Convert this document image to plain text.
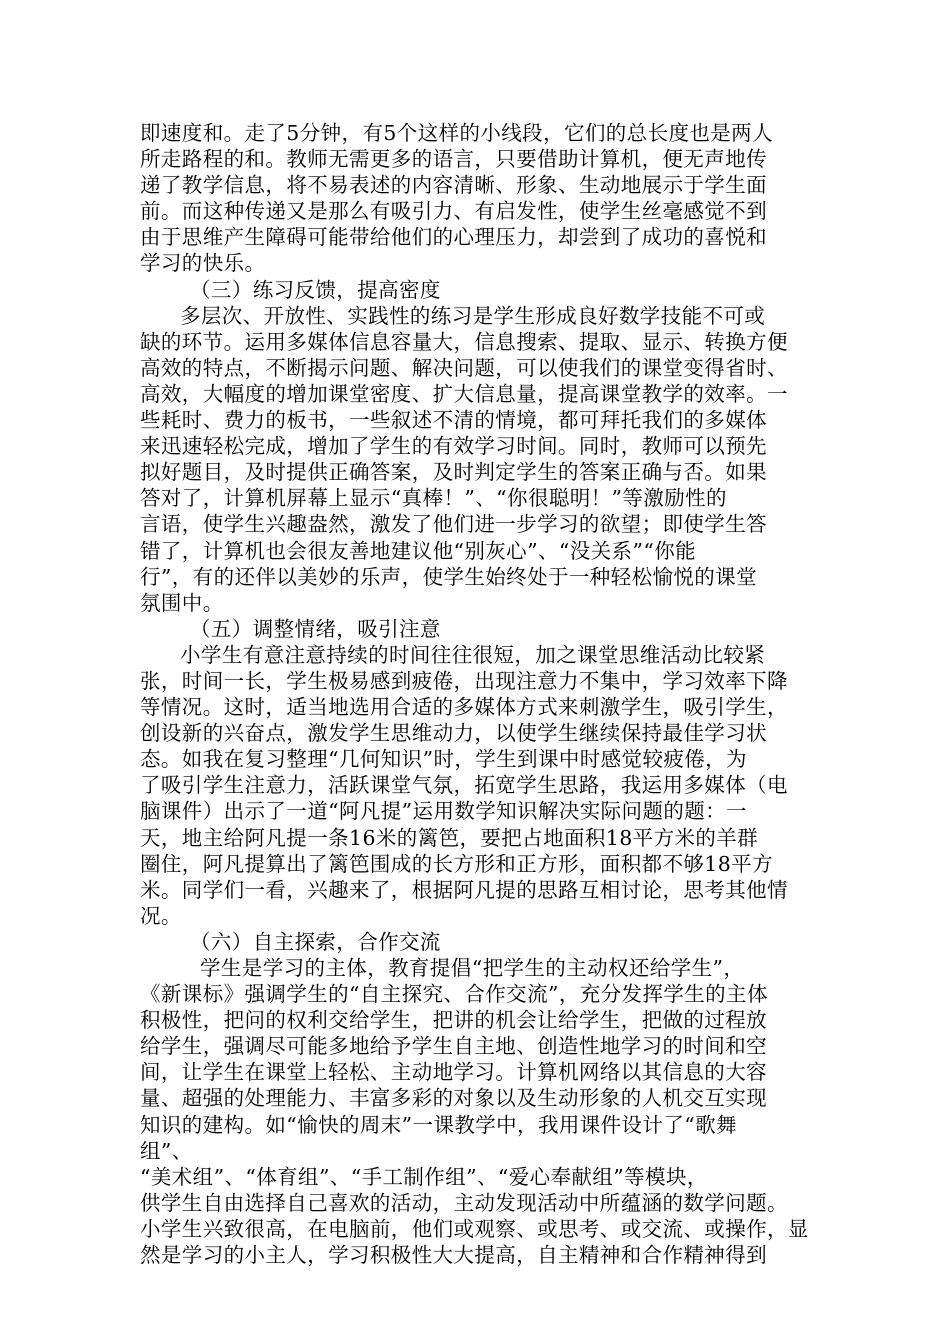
即速度和。走了5分钟，有5个这样的小线段，它们的总长度也是两人
所走路程的和。教师无需更多的语言，只要借助计算机，便无声地传
递了教学信息，将不易表述的内容清晰、形象、生动地展示于学生面
前。而这种传递又是那么有吸引力、有启发性，使学生丝毫感觉不到
由于思维产生障碍可能带给他们的心理压力，却尝到了成功的喜悦和
学习的快乐。
（三）练习反馈，提高密度
多层次、开放性、实践性的练习是学生形成良好数学技能不可或
缺的环节。运用多媒体信息容量大，信息搜索、提取、显示、转换方便
高效的特点，不断揭示问题、解决问题，可以使我们的课堂变得省时、
高效，大幅度的增加课堂密度、扩大信息量，提高课堂教学的效率。一
些耗时、费力的板书，一些叙述不清的情境，都可拜托我们的多媒体
来迅速轻松完成，增加了学生的有效学习时间。同时，教师可以预先
拟好题目，及时提供正确答案，及时判定学生的答案正确与否。如果
答对了，计算机屏幕上显示“真棒！”、“你很聪明！”等激励性的
言语，使学生兴趣盎然，激发了他们进一步学习的欲望；即使学生答
错了，计算机也会很友善地建议他“别灰心”、“没关系”“你能
行”，有的还伴以美妙的乐声，使学生始终处于一种轻松愉悦的课堂
氛围中。
（五）调整情绪，吸引注意
小学生有意注意持续的时间往往很短，加之课堂思维活动比较紧
张，时间一长，学生极易感到疲倦，出现注意力不集中，学习效率下降
等情况。这时，适当地选用合适的多媒体方式来刺激学生，吸引学生，
创设新的兴奋点，激发学生思维动力，以使学生继续保持最佳学习状
态。如我在复习整理“几何知识”时，学生到课中时感觉较疲倦，为
了吸引学生注意力，活跃课堂气氛，拓宽学生思路，我运用多媒体（电
脑课件）出示了一道“阿凡提”运用数学知识解决实际问题的题：一
天，地主给阿凡提一条16米的篱笆，要把占地面积18平方米的羊群
圈住，阿凡提算出了篱笆围成的长方形和正方形，面积都不够18平方
米。同学们一看，兴趣来了，根据阿凡提的思路互相讨论，思考其他情
况。
（六）自主探索，合作交流
学生是学习的主体，教育提倡“把学生的主动权还给学生”，
《新课标》强调学生的“自主探究、合作交流”，充分发挥学生的主体
积极性，把问的权利交给学生，把讲的机会让给学生，把做的过程放
给学生，强调尽可能多地给予学生自主地、创造性地学习的时间和空
间，让学生在课堂上轻松、主动地学习。计算机网络以其信息的大容
量、超强的处理能力、丰富多彩的对象以及生动形象的人机交互实现
知识的建构。如“愉快的周末”一课教学中，我用课件设计了“歌舞
组”、
“美术组”、“体育组”、“手工制作组”、“爱心奉献组”等模块，
供学生自由选择自己喜欢的活动，主动发现活动中所蕴涵的数学问题。
小学生兴致很高，在电脑前，他们或观察、或思考、或交流、或操作，显
然是学习的小主人，学习积极性大大提高，自主精神和合作精神得到
